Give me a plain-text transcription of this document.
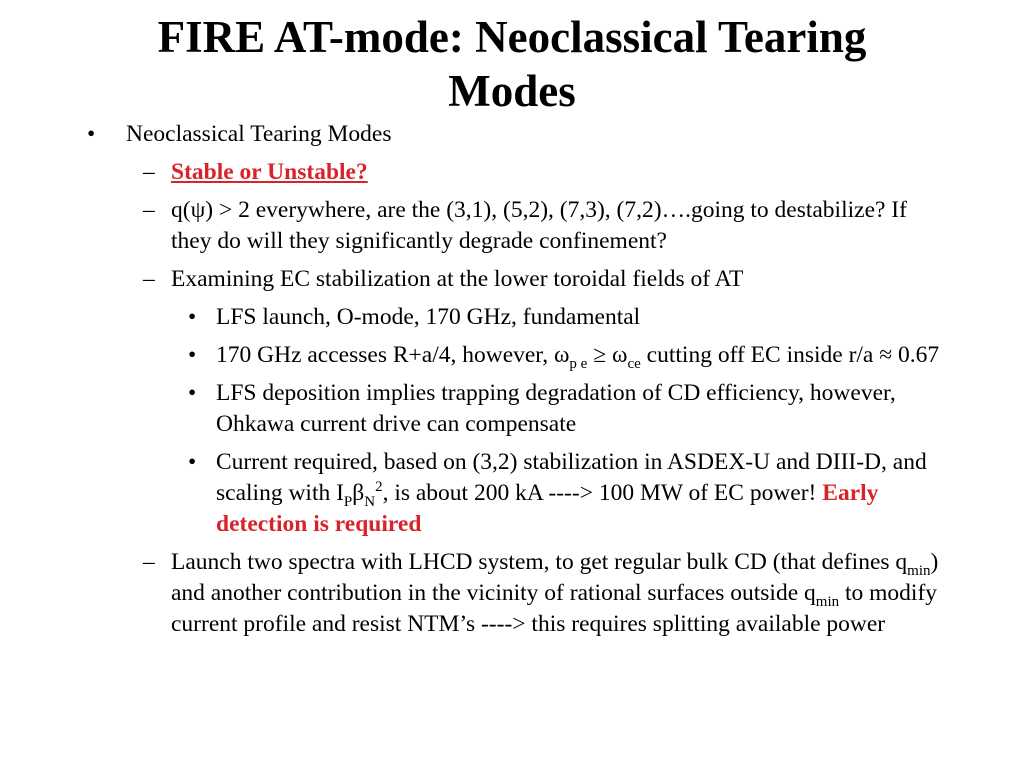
FIRE AT-mode: Neoclassical Tearing
Modes
• Neoclassical Tearing Modes
– Stable or Unstable?
– q(ψ) > 2 everywhere, are the (3,1), (5,2), (7,3), (7,2)….going to destabilize? If they do will they significantly degrade confinement?
– Examining EC stabilization at the lower toroidal fields of AT
• LFS launch, O-mode, 170 GHz, fundamental
• 170 GHz accesses R+a/4, however, $\omega_{p e} \ge \omega_{ce}$ cutting off EC inside r/a ≈ 0.67
• LFS deposition implies trapping degradation of CD efficiency, however, Ohkawa current drive can compensate
• Current required, based on (3,2) stabilization in ASDEX-U and DIII-D, and scaling with $I_P\beta_N^2$, is about 200 kA ----> 100 MW of EC power! Early detection is required
– Launch two spectra with LHCD system, to get regular bulk CD (that defines $q_{min}$) and another contribution in the vicinity of rational surfaces outside $q_{min}$ to modify current profile and resist NTM’s ----> this requires splitting available power
